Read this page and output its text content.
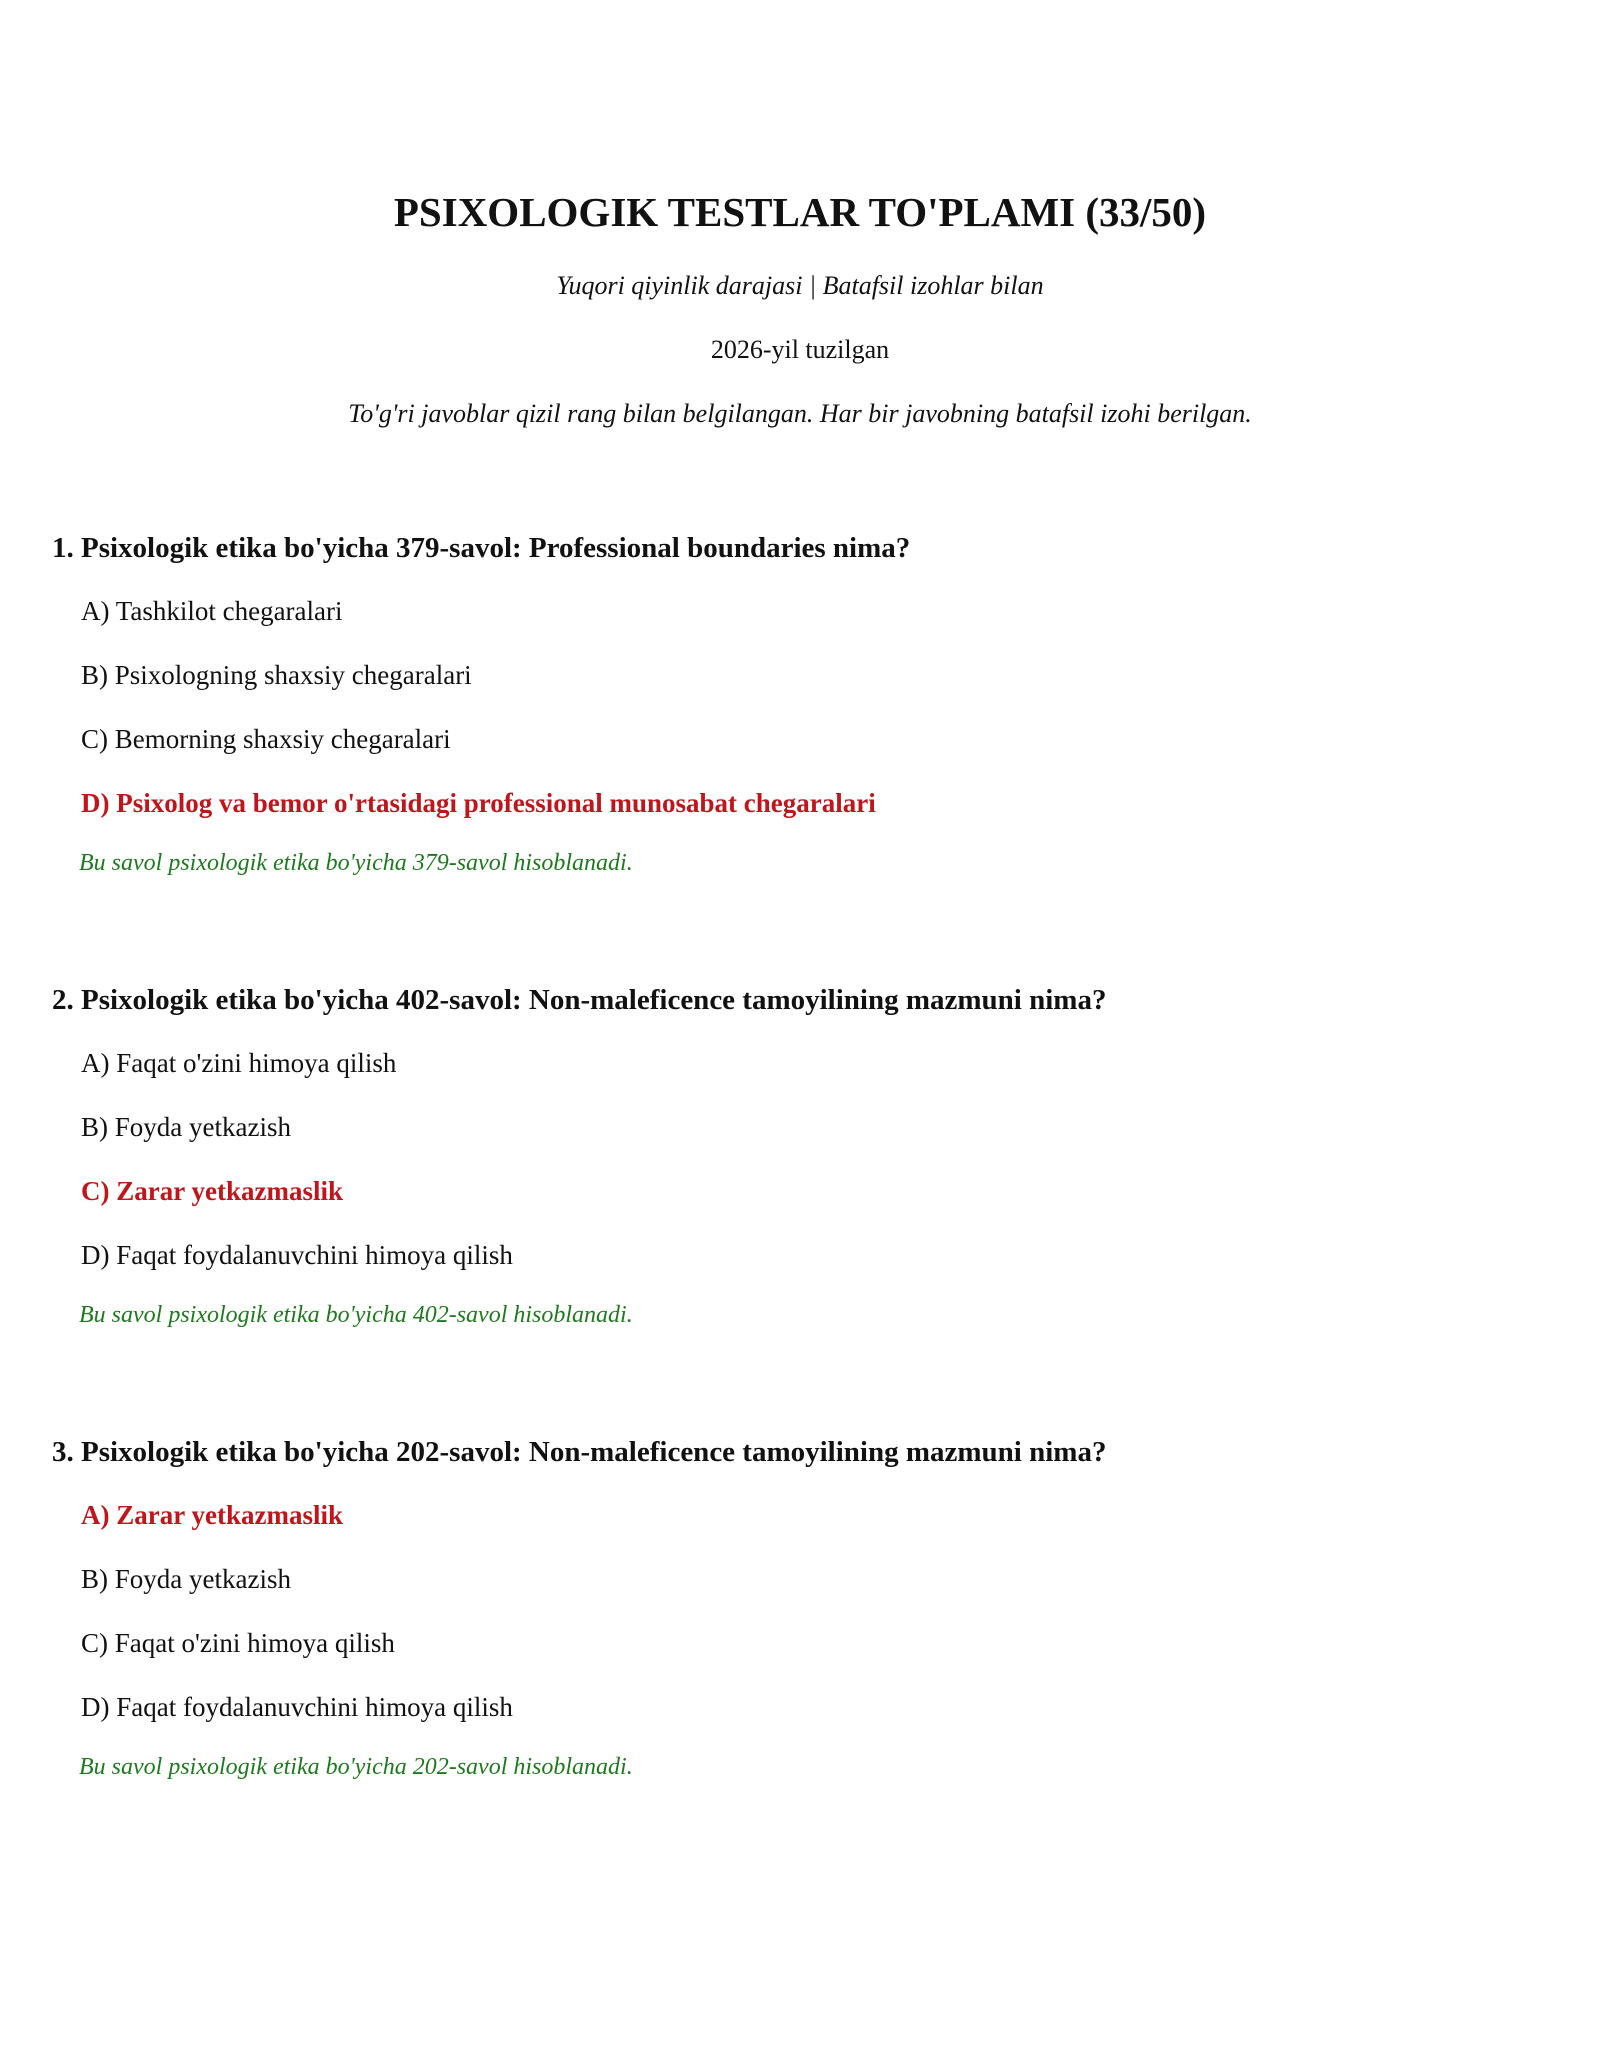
PSIXOLOGIK TESTLAR TO'PLAMI (33/50)
Yuqori qiyinlik darajasi | Batafsil izohlar bilan
2026-yil tuzilgan
To'g'ri javoblar qizil rang bilan belgilangan. Har bir javobning batafsil izohi berilgan.

1. Psixologik etika bo'yicha 379-savol: Professional boundaries nima?

A) Tashkilot chegaralari
B) Psixologning shaxsiy chegaralari
C) Bemorning shaxsiy chegaralari
D) Psixolog va bemor o'rtasidagi professional munosabat chegaralari
Bu savol psixologik etika bo'yicha 379-savol hisoblanadi.

2. Psixologik etika bo'yicha 402-savol: Non-maleficence tamoyilining mazmuni nima?

A) Faqat o'zini himoya qilish
B) Foyda yetkazish
C) Zarar yetkazmaslik
D) Faqat foydalanuvchini himoya qilish
Bu savol psixologik etika bo'yicha 402-savol hisoblanadi.

3. Psixologik etika bo'yicha 202-savol: Non-maleficence tamoyilining mazmuni nima?

A) Zarar yetkazmaslik
B) Foyda yetkazish
C) Faqat o'zini himoya qilish
D) Faqat foydalanuvchini himoya qilish
Bu savol psixologik etika bo'yicha 202-savol hisoblanadi.
